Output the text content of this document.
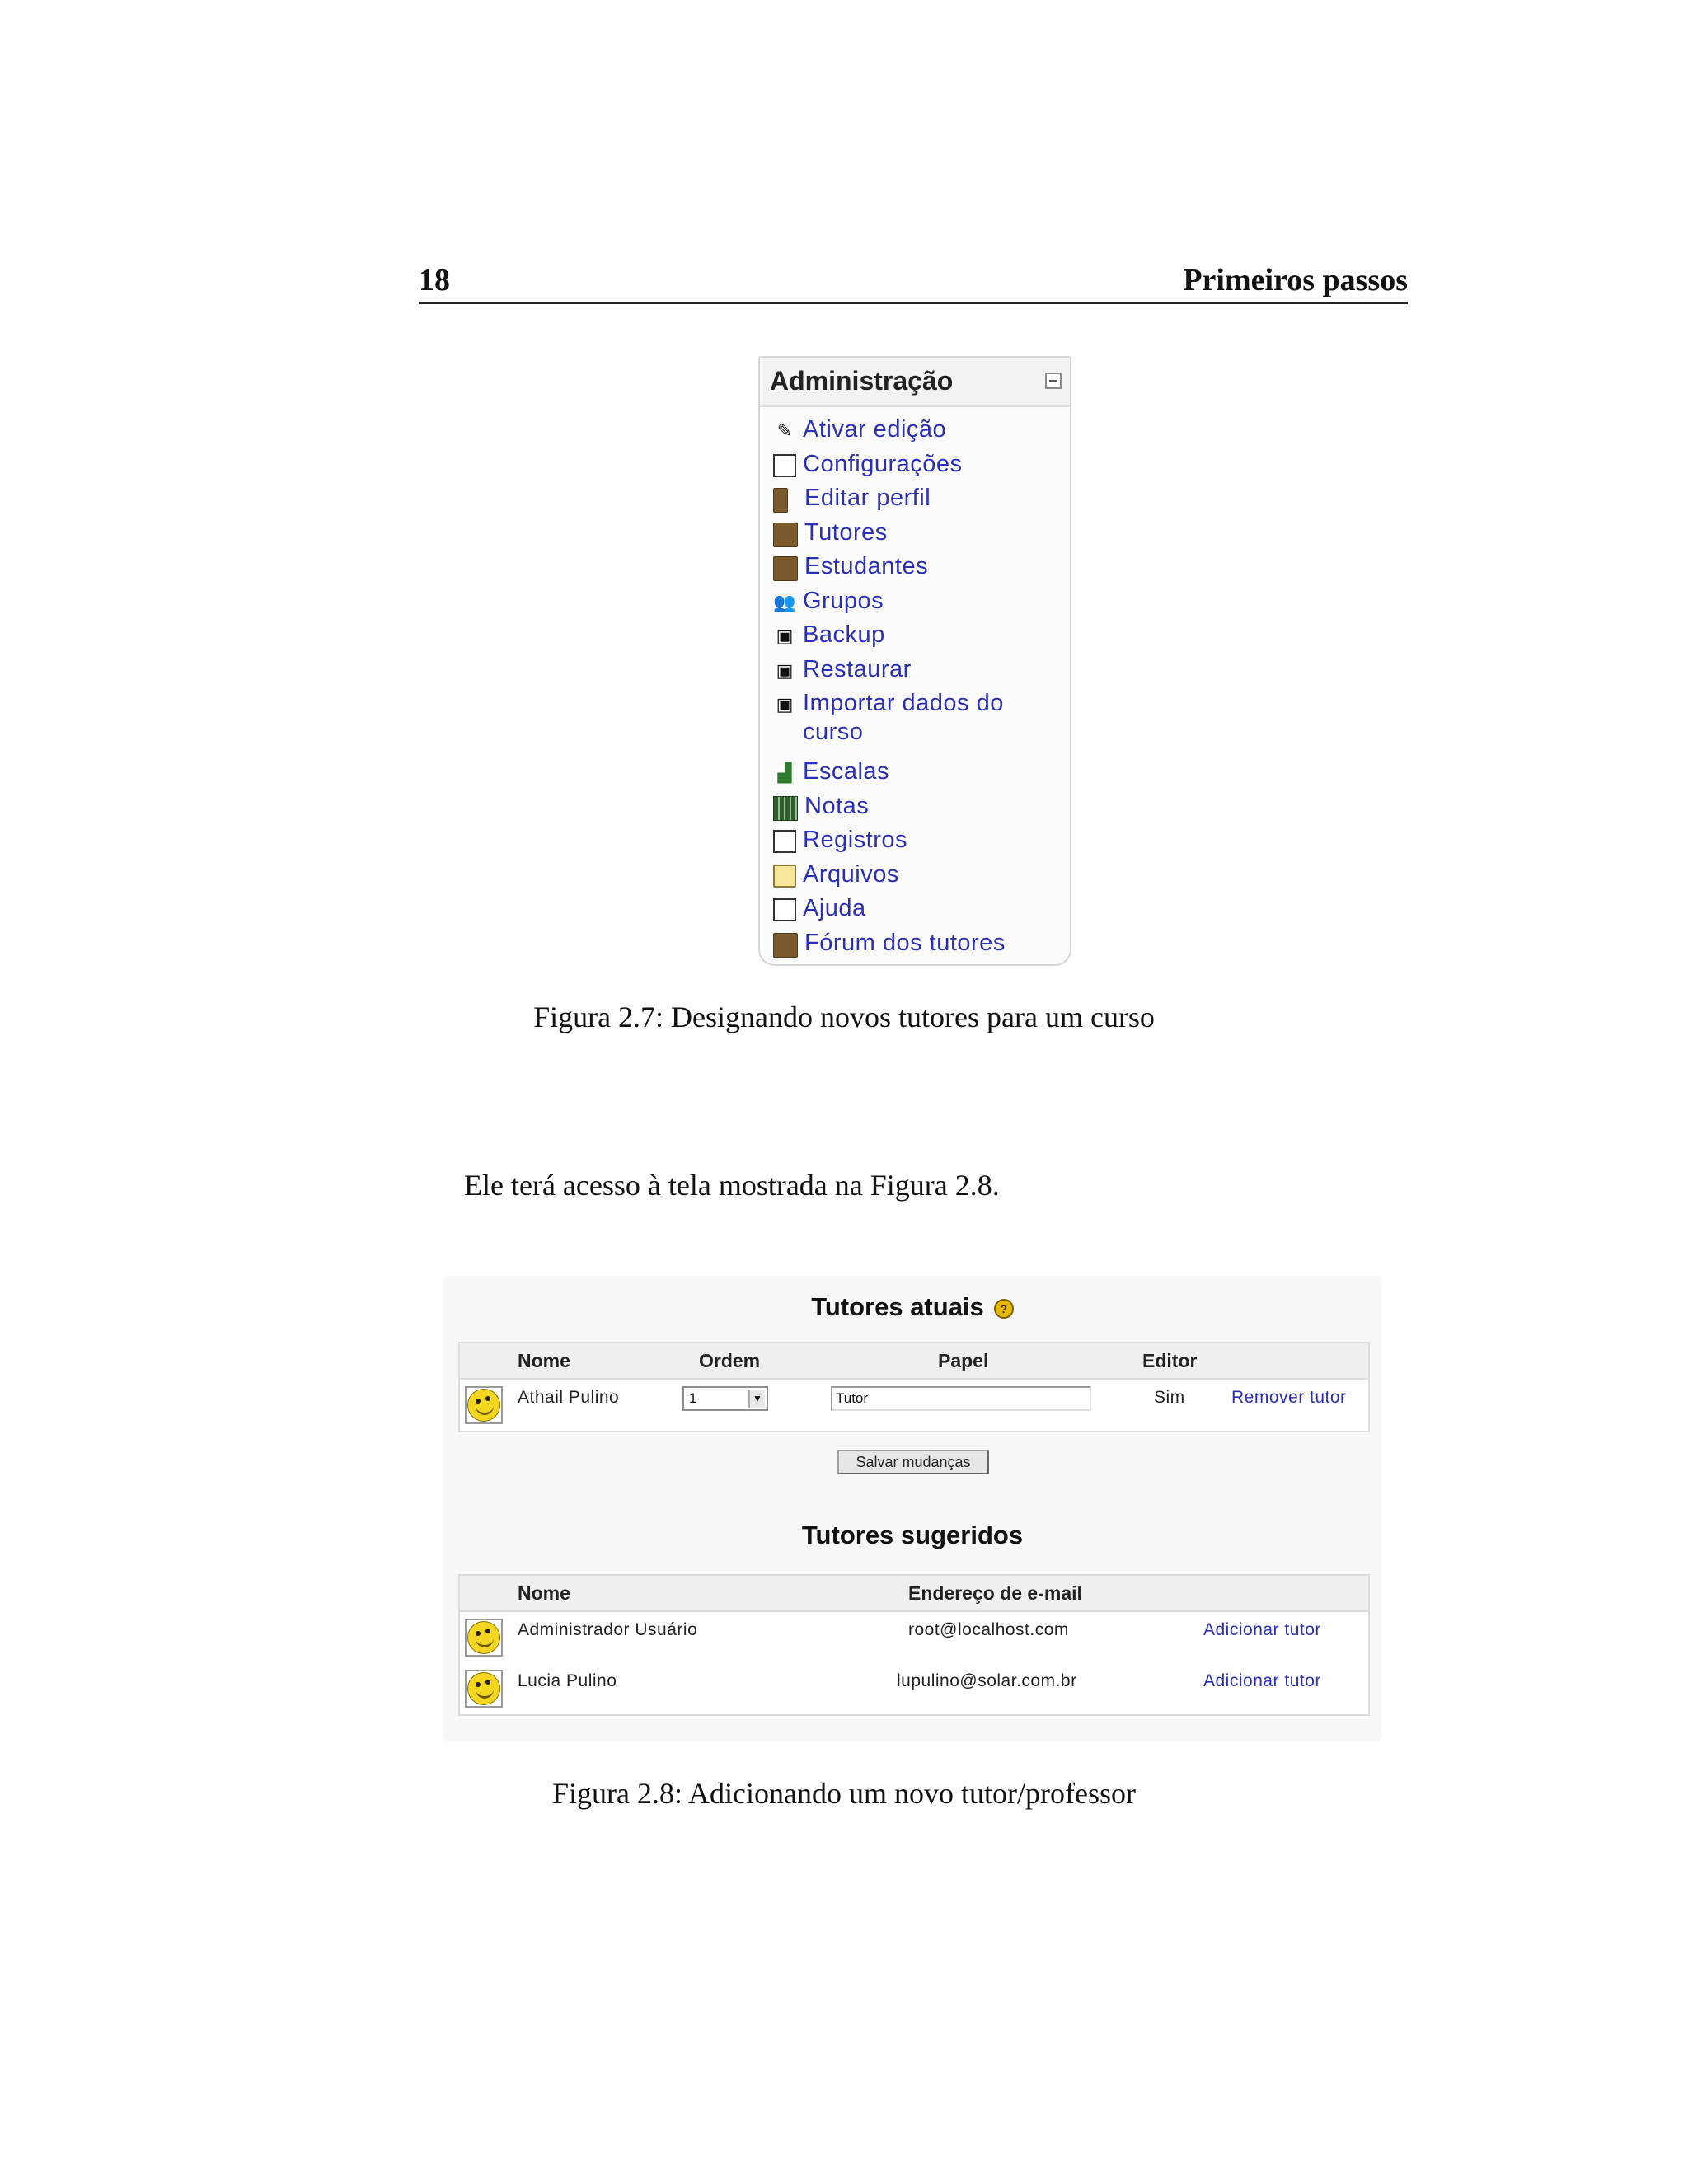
18	Primeiros passos
Administração
✎ Ativar edição
Configurações
Editar perfil
Tutores
Estudantes
👥 Grupos
▣ Backup
▣ Restaurar
▣ Importar dados do curso
▟ Escalas
Notas
Registros
Arquivos
Ajuda
Fórum dos tutores
Figura 2.7: Designando novos tutores para um curso
Ele terá acesso à tela mostrada na Figura 2.8.
Tutores atuais ?
Nome	Ordem	Papel	Editor
Athail Pulino	1	▼	Tutor	Sim	Remover tutor
Salvar mudanças
Tutores sugeridos
Nome	Endereço de e-mail
Administrador Usuário	root@localhost.com	Adicionar tutor
Lucia Pulino	lupulino@solar.com.br	Adicionar tutor
Figura 2.8: Adicionando um novo tutor/professor
